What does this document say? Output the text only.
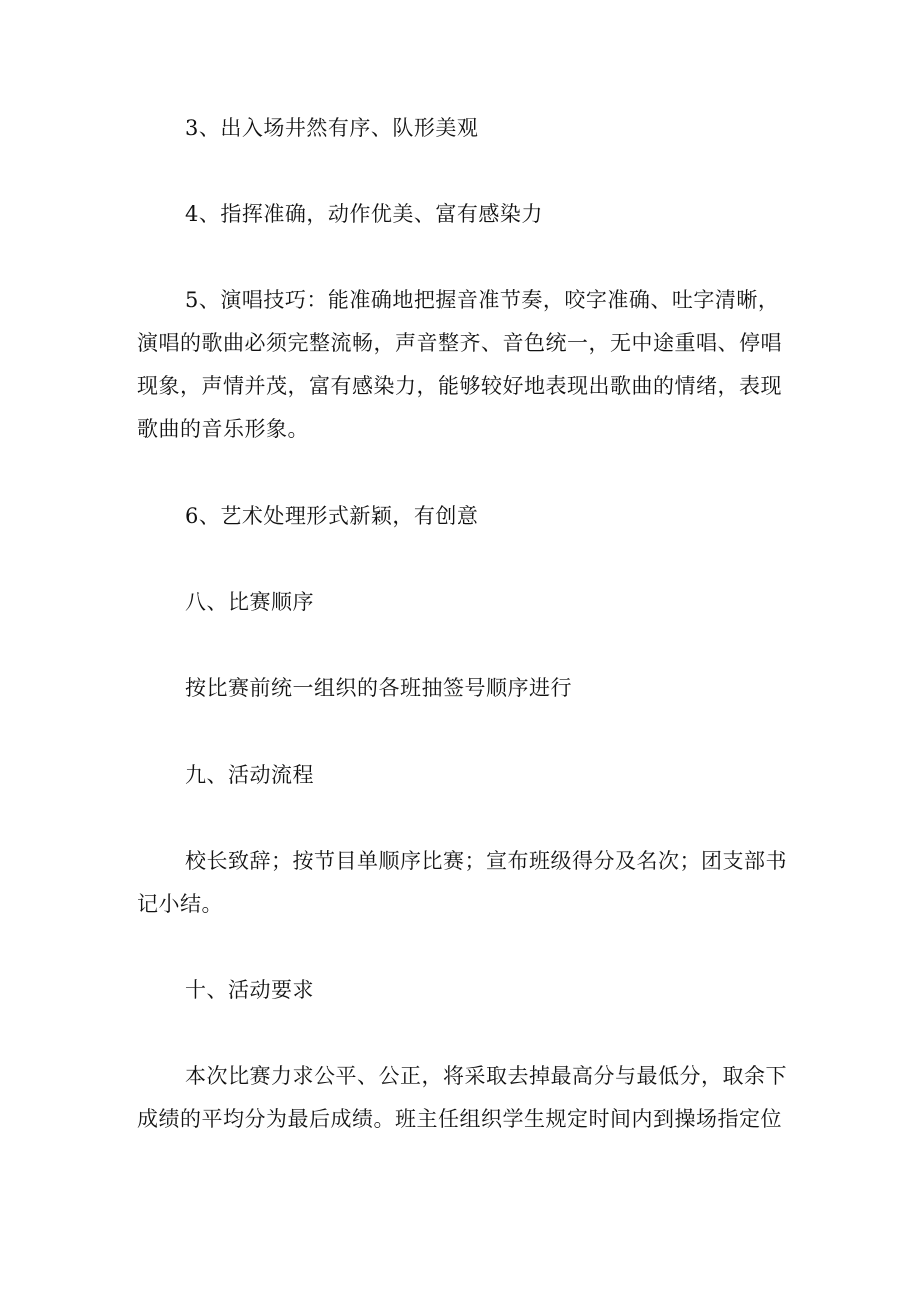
3、出入场井然有序、队形美观

4、指挥准确，动作优美、富有感染力

5、演唱技巧：能准确地把握音准节奏，咬字准确、吐字清晰，演唱的歌曲必须完整流畅，声音整齐、音色统一，无中途重唱、停唱现象，声情并茂，富有感染力，能够较好地表现出歌曲的情绪，表现歌曲的音乐形象。

6、艺术处理形式新颖，有创意

八、比赛顺序

按比赛前统一组织的各班抽签号顺序进行

九、活动流程

校长致辞；按节目单顺序比赛；宣布班级得分及名次；团支部书记小结。

十、活动要求

本次比赛力求公平、公正，将采取去掉最高分与最低分，取余下成绩的平均分为最后成绩。班主任组织学生规定时间内到操场指定位
